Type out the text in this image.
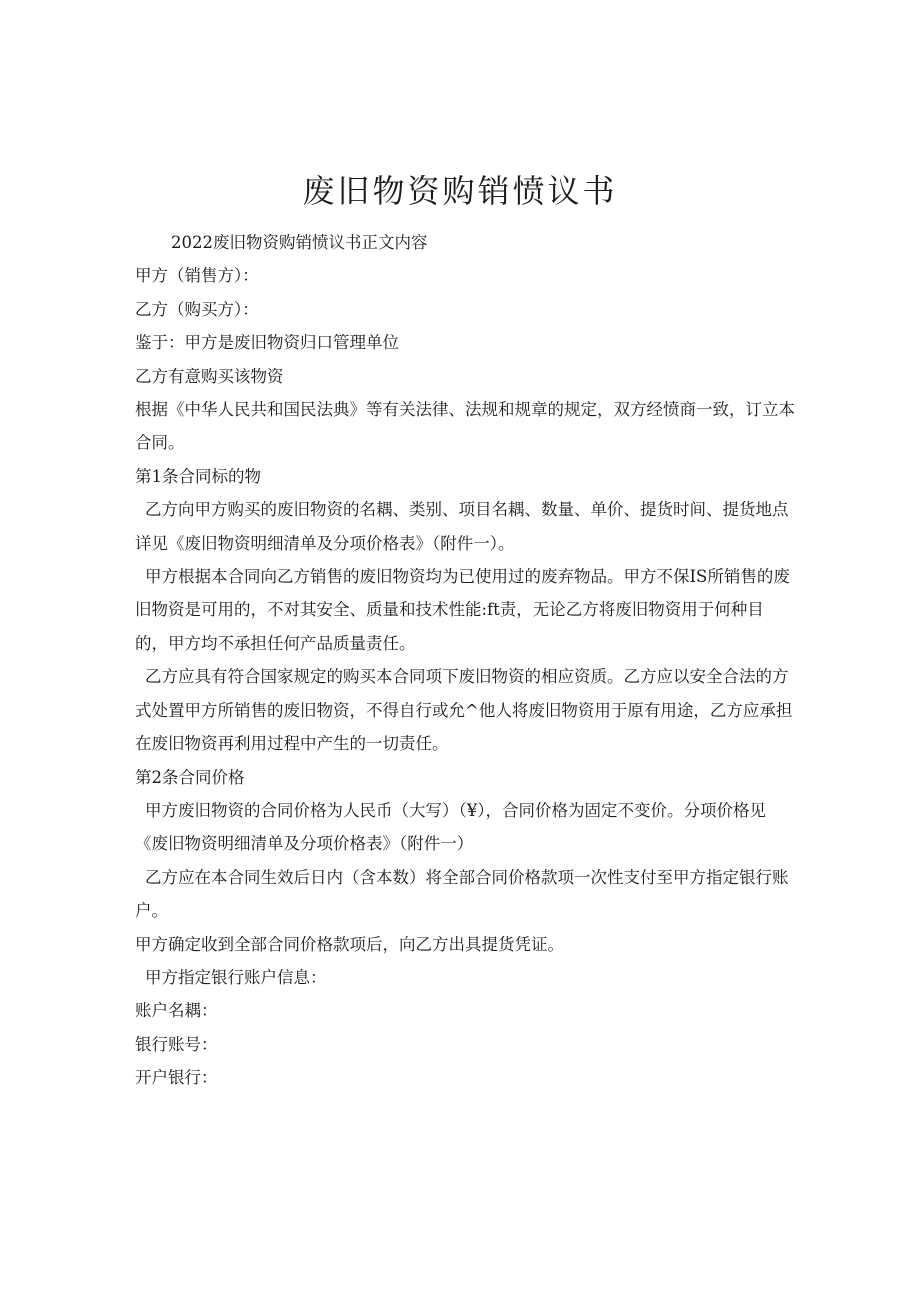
废旧物资购销愤议书

2022废旧物资购销愤议书正文内容

甲方（销售方）：

乙方（购买方）：

鉴于：甲方是废旧物资归口管理单位

乙方有意购买该物资

根据《中华人民共和国民法典》等有关法律、法规和规章的规定，双方经愤商一致，订立本合同。

第1条合同标的物

乙方向甲方购买的废旧物资的名耦、类别、项目名耦、数量、单价、提货时间、提货地点详见《废旧物资明细清单及分项价格表》（附件一）。

甲方根据本合同向乙方销售的废旧物资均为已使用过的废弃物品。甲方不保IS所销售的废旧物资是可用的，不对其安全、质量和技术性能:ft责，无论乙方将废旧物资用于何种目的，甲方均不承担任何产品质量责任。

乙方应具有符合国家规定的购买本合同项下废旧物资的相应资质。乙方应以安全合法的方式处置甲方所销售的废旧物资，不得自行或允^他人将废旧物资用于原有用途，乙方应承担在废旧物资再利用过程中产生的一切责任。

第2条合同价格

甲方废旧物资的合同价格为人民币（大写）（¥），合同价格为固定不变价。分项价格见《废旧物资明细清单及分项价格表》（附件一）

乙方应在本合同生效后日内（含本数）将全部合同价格款项一次性支付至甲方指定银行账户。

甲方确定收到全部合同价格款项后，向乙方出具提货凭证。

甲方指定银行账户信息：

账户名耦：

银行账号：

开户银行：
